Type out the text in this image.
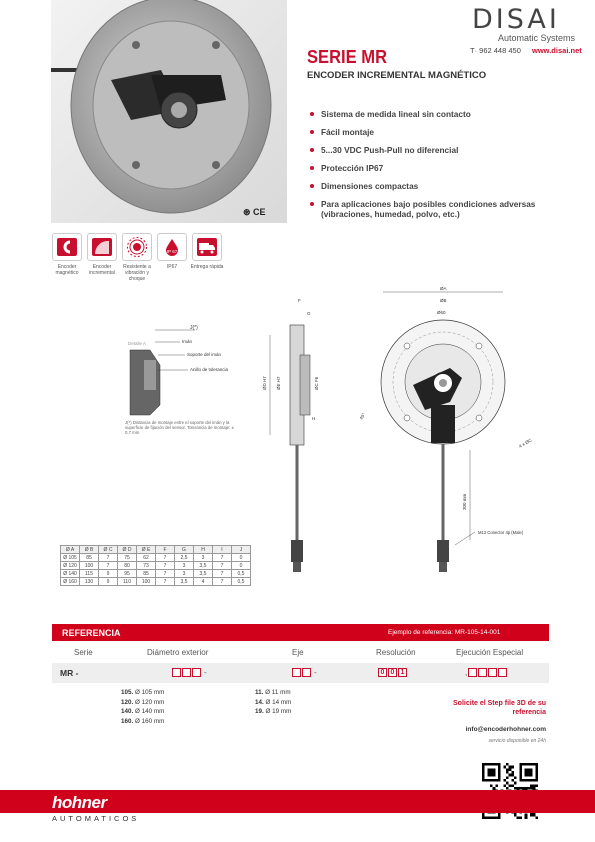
⊛ CE
DISAI
Automatic Systems
T· 962 448 450 www.disai.net
SERIE MR
ENCODER INCREMENTAL MAGNÉTICO
Sistema de medida lineal sin contacto
Fácil montaje
5...30 VDC Push-Pull no diferencial
Protección IP67
Dimensiones compactas
Para aplicaciones bajo posibles condiciones adversas (vibraciones, humedad, polvo, etc.)
Encoder magnético
Encoder incremental
Resistente a vibración y choque
IP 67
IP67	Entrega rápida
Detalle A
J(*)
Imán
Soporte del imán
Anillo de tolerancia
J(*) Distancia de montaje entre el soporte del imán y la superficie de fijación del sensor. Tolerancia de montaje: ± 0,7 mm
ØD H7 ØE H7	ØC F6
F
G
H
ØA
ØB
Ø60
300 mm
M12 Conector 4p (Male)
45°
4 x ØC
Ø A	Ø B	Ø C	Ø D	Ø E	F	G	H	I	J
Ø 105	85	7	75	62	7	2,5	3	7	0
Ø 120	100	7	80	73	7	3	3,5	7	0
Ø 140	115	9	95	85	7	3	3,5	7	0,5
Ø 160	130	9	110	100	7	3,5	4	7	0,5
REFERENCIA	Ejemplo de referencia: MR-105-14-001
Serie	Diámetro exterior	Eje	Resolución	Ejecución Especial
MR -	-	-	0 0 1	,
105. Ø 105 mm
120. Ø 120 mm
140. Ø 140 mm
160. Ø 160 mm
11. Ø 11 mm
14. Ø 14 mm
19. Ø 19 mm
Solicite el Step file 3D de su referencia
info@encoderhohner.com
servicio disponible en 24h
hohner
AUTOMATICOS
